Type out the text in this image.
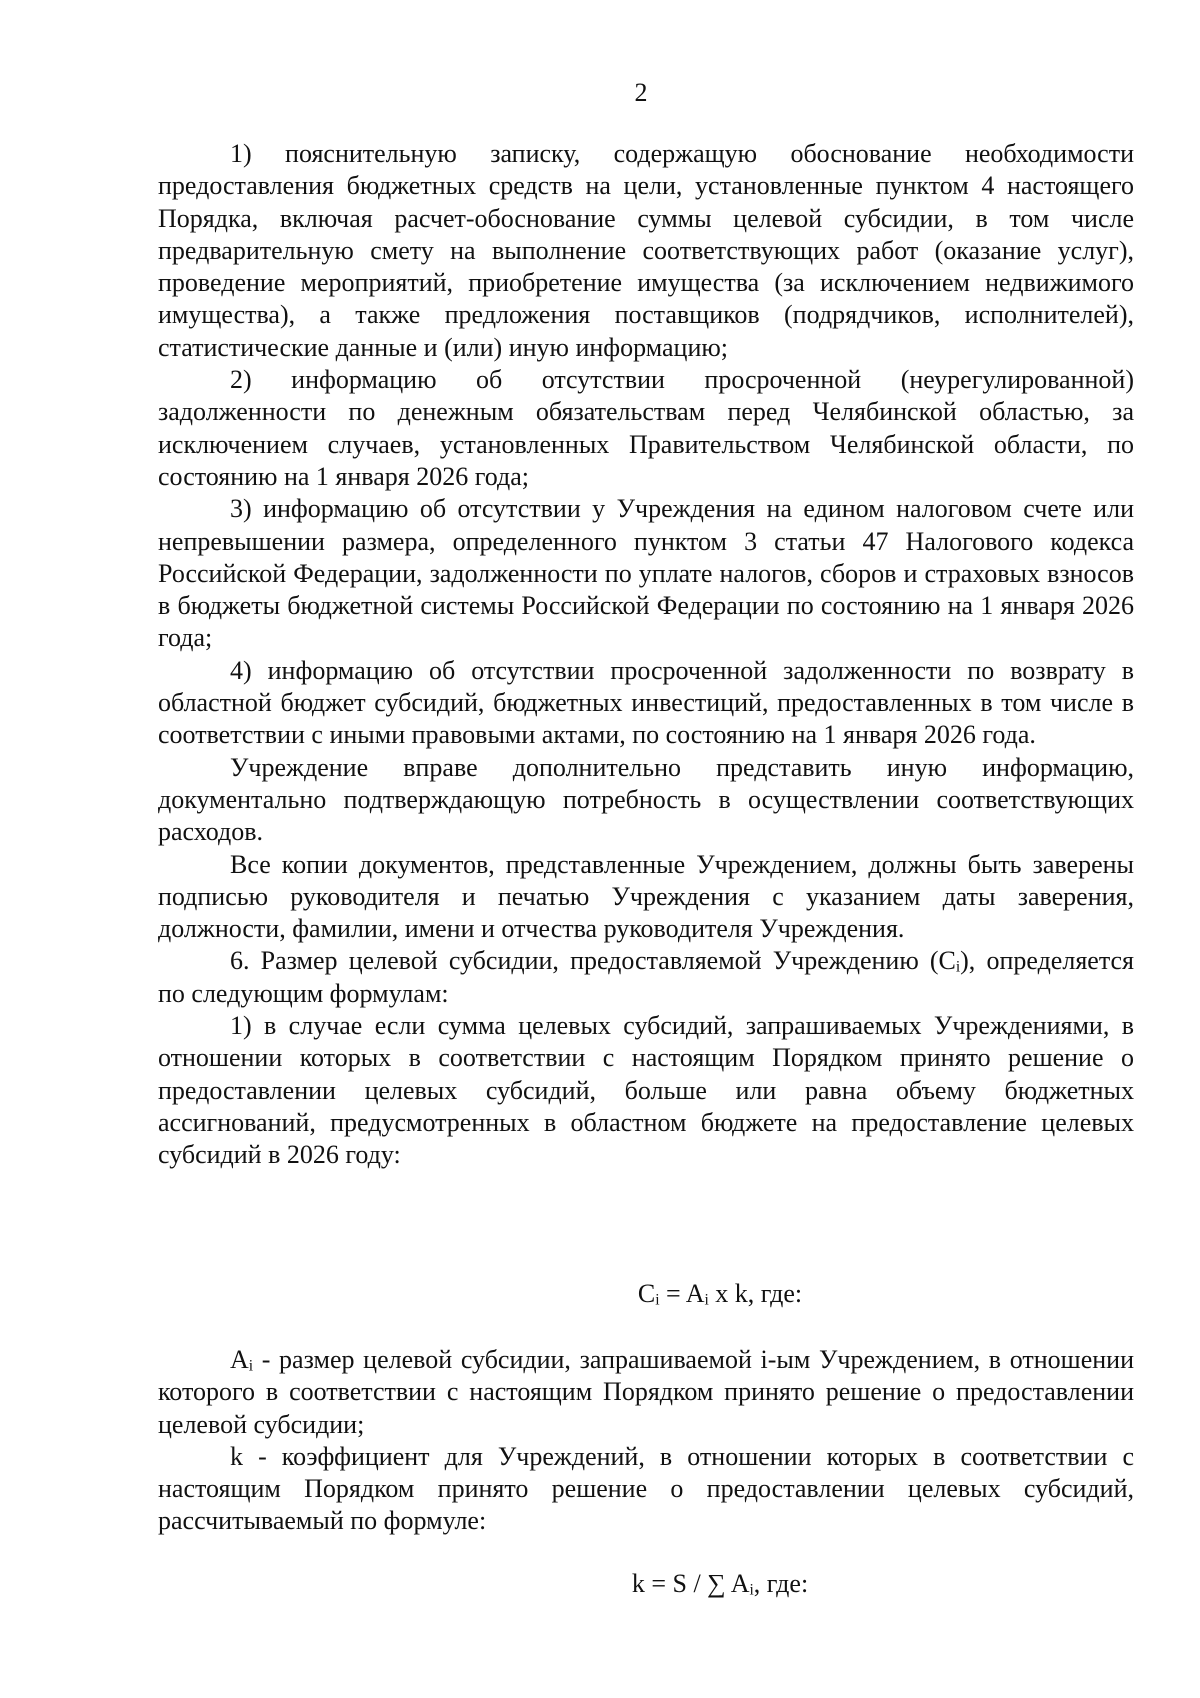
2

1) пояснительную записку, содержащую обоснование необходимости предоставления бюджетных средств на цели, установленные пунктом 4 настоящего Порядка, включая расчет-обоснование суммы целевой субсидии, в том числе предварительную смету на выполнение соответствующих работ (оказание услуг), проведение мероприятий, приобретение имущества (за исключением недвижимого имущества), а также предложения поставщиков (подрядчиков, исполнителей), статистические данные и (или) иную информацию;

2) информацию об отсутствии просроченной (неурегулированной) задолженности по денежным обязательствам перед Челябинской областью, за исключением случаев, установленных Правительством Челябинской области, по состоянию на 1 января 2026 года;

3) информацию об отсутствии у Учреждения на едином налоговом счете или непревышении размера, определенного пунктом 3 статьи 47 Налогового кодекса Российской Федерации, задолженности по уплате налогов, сборов и страховых взносов в бюджеты бюджетной системы Российской Федерации по состоянию на 1 января 2026 года;

4) информацию об отсутствии просроченной задолженности по возврату в областной бюджет субсидий, бюджетных инвестиций, предоставленных в том числе в соответствии с иными правовыми актами, по состоянию на 1 января 2026 года.

Учреждение вправе дополнительно представить иную информацию, документально подтверждающую потребность в осуществлении соответствующих расходов.

Все копии документов, представленные Учреждением, должны быть заверены подписью руководителя и печатью Учреждения с указанием даты заверения, должности, фамилии, имени и отчества руководителя Учреждения.

6. Размер целевой субсидии, предоставляемой Учреждению (Cᵢ), определяется по следующим формулам:

1) в случае если сумма целевых субсидий, запрашиваемых Учреждениями, в отношении которых в соответствии с настоящим Порядком принято решение о предоставлении целевых субсидий, больше или равна объему бюджетных ассигнований, предусмотренных в областном бюджете на предоставление целевых субсидий в 2026 году:

Cᵢ = Aᵢ x k, где:

Aᵢ - размер целевой субсидии, запрашиваемой i-ым Учреждением, в отношении которого в соответствии с настоящим Порядком принято решение о предоставлении целевой субсидии;

k - коэффициент для Учреждений, в отношении которых в соответствии с настоящим Порядком принято решение о предоставлении целевых субсидий, рассчитываемый по формуле:

k = S / ∑ Aᵢ, где:
